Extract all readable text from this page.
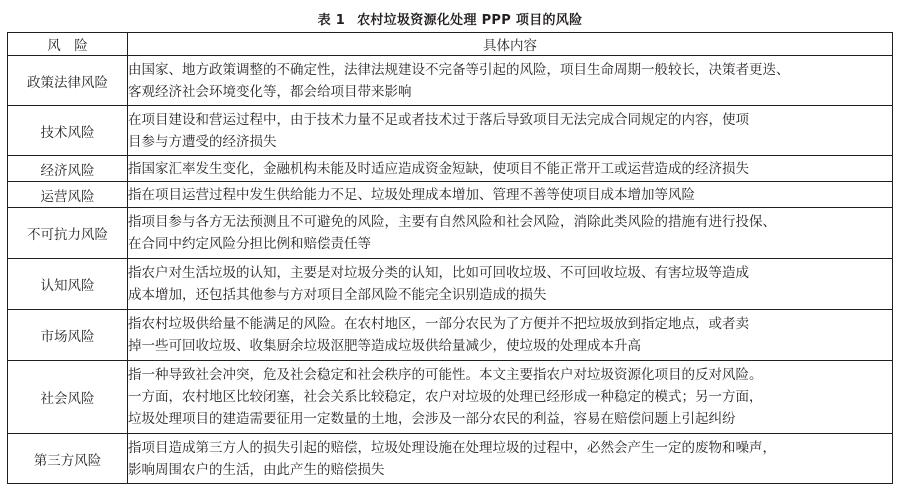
表 1 农村垃圾资源化处理 PPP 项目的风险
风　险	具体内容
政策法律风险	由国家、地方政策调整的不确定性，法律法规建设不完备等引起的风险，项目生命周期一般较长，决策者更迭、
客观经济社会环境变化等，都会给项目带来影响

技术风险	在项目建设和营运过程中，由于技术力量不足或者技术过于落后导致项目无法完成合同规定的内容，使项
目参与方遭受的经济损失

经济风险	指国家汇率发生变化，金融机构未能及时适应造成资金短缺，使项目不能正常开工或运营造成的经济损失

运营风险	指在项目运营过程中发生供给能力不足、垃圾处理成本增加、管理不善等使项目成本增加等风险

不可抗力风险	指项目参与各方无法预测且不可避免的风险，主要有自然风险和社会风险，消除此类风险的措施有进行投保、
在合同中约定风险分担比例和赔偿责任等

认知风险	指农户对生活垃圾的认知，主要是对垃圾分类的认知，比如可回收垃圾、不可回收垃圾、有害垃圾等造成
成本增加，还包括其他参与方对项目全部风险不能完全识别造成的损失

市场风险	指农村垃圾供给量不能满足的风险。在农村地区，一部分农民为了方便并不把垃圾放到指定地点，或者卖
掉一些可回收垃圾、收集厨余垃圾沤肥等造成垃圾供给量减少，使垃圾的处理成本升高

社会风险	指一种导致社会冲突，危及社会稳定和社会秩序的可能性。本文主要指农户对垃圾资源化项目的反对风险。
一方面，农村地区比较闭塞，社会关系比较稳定，农户对垃圾的处理已经形成一种稳定的模式；另一方面，
垃圾处理项目的建造需要征用一定数量的土地，会涉及一部分农民的利益，容易在赔偿问题上引起纠纷

第三方风险	指项目造成第三方人的损失引起的赔偿，垃圾处理设施在处理垃圾的过程中，必然会产生一定的废物和噪声，
影响周围农户的生活，由此产生的赔偿损失
